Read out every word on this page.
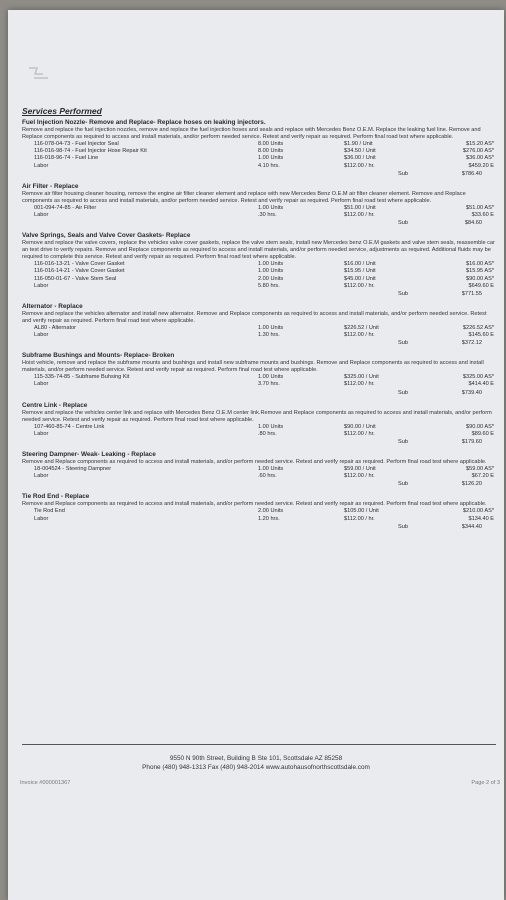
Services Performed
Fuel Injection Nozzle- Remove and Replace- Replace hoses on leaking injectors.
Remove and replace the fuel injection nozzles, remove and replace the fuel injection hoses and seals and replace with Mercedes Benz O.E.M. Replace the leaking fuel line. Remove and Replace components as required to access and install materials, and/or perform needed service. Retest and verify repair as required. Perform final road test where applicable.
116-078-04-73 - Fuel Injector Seal	8.00 Units	$1.90 / Unit	$15.20 AS*
116-016-98-74 - Fuel Injector Hose Repair Kit	8.00 Units	$34.50 / Unit	$276.00 AS*
116-018-96-74 - Fuel Line	1.00 Units	$36.00 / Unit	$36.00 AS*
Labor	4.10 hrs.	$112.00 / hr.	$459.20 E
Sub	$786.40
Air Filter - Replace
Remove air filter housing cleaner housing, remove the engine air filter cleaner element and replace with new Mercedes Benz O.E.M air filter cleaner element. Remove and Replace components as required to access and install materials, and/or perform needed service. Retest and verify repair as required. Perform final road test where applicable.
001-094-74-85 - Air Filter	1.00 Units	$51.00 / Unit	$51.00 AS*
Labor	.30 hrs.	$112.00 / hr.	$33.60 E
Sub	$84.60
Valve Springs, Seals and Valve Cover Gaskets- Replace
Remove and replace the valve covers, replace the vehicles valve cover gaskets, replace the valve stem seals, install new Mercedes benz O.E.M gaskets and valve stem seals, reassemble car an test drive to verify repairs. Remove and Replace components as required to access and install materials, and/or perform needed service, adjustments as required. Additional fluids may be required to complete this service. Retest and verify repair as required. Perform final road test where applicable.
116-016-13-21 - Valve Cover Gasket	1.00 Units	$16.00 / Unit	$16.00 AS*
116-016-14-21 - Valve Cover Gasket	1.00 Units	$15.95 / Unit	$15.95 AS*
116-050-01-67 - Valve Stem Seal	2.00 Units	$45.00 / Unit	$90.00 AS*
Labor	5.80 hrs.	$112.00 / hr.	$649.60 E
Sub	$771.55
Alternator - Replace
Remove and replace the vehicles alternator and install new alternator. Remove and Replace components as required to access and install materials, and/or perform needed service. Retest and verify repair as required. Perform final road test where applicable.
AL80 - Alternator	1.00 Units	$226.52 / Unit	$226.52 AS*
Labor	1.30 hrs.	$112.00 / hr.	$145.60 E
Sub	$372.12
Subframe Bushings and Mounts- Replace- Broken
Hoist vehicle, remove and replace the subframe mounts and bushings and install new subframe mounts and bushings. Remove and Replace components as required to access and install materials, and/or perform needed service. Retest and verify repair as required. Perform final road test where applicable.
115-335-74-85 - Subframe Buhsing Kit	1.00 Units	$325.00 / Unit	$325.00 AS*
Labor	3.70 hrs.	$112.00 / hr.	$414.40 E
Sub	$739.40
Centre Link - Replace
Remove and replace the vehicles center link and replace with Mercedes Benz O.E.M center link.Remove and Replace components as required to access and install materials, and/or perform needed service. Retest and verify repair as required. Perform final road test where applicable.
107-460-85-74 - Centre Link	1.00 Units	$90.00 / Unit	$90.00 AS*
Labor	.80 hrs.	$112.00 / hr.	$89.60 E
Sub	$179.60
Steering Dampner- Weak- Leaking - Replace
Remove and Replace components as required to access and install materials, and/or perform needed service. Retest and verify repair as required. Perform final road test where applicable.
18-004524 - Steering Dampner	1.00 Units	$59.00 / Unit	$59.00 AS*
Labor	.60 hrs.	$112.00 / hr.	$67.20 E
Sub	$126.20
Tie Rod End - Replace
Remove and Replace components as required to access and install materials, and/or perform needed service. Retest and verify repair as required. Perform final road test where applicable.
Tie Rod End	2.00 Units	$105.00 / Unit	$210.00 AS*
Labor	1.20 hrs.	$112.00 / hr.	$134.40 E
Sub	$344.40
9550 N 90th Street, Building B Ste 101, Scottsdale AZ 85258
Phone (480) 948-1313 Fax (480) 948-2014 www.autohausofnorthscottsdale.com
Invoice #000001367	Page 2 of 3
